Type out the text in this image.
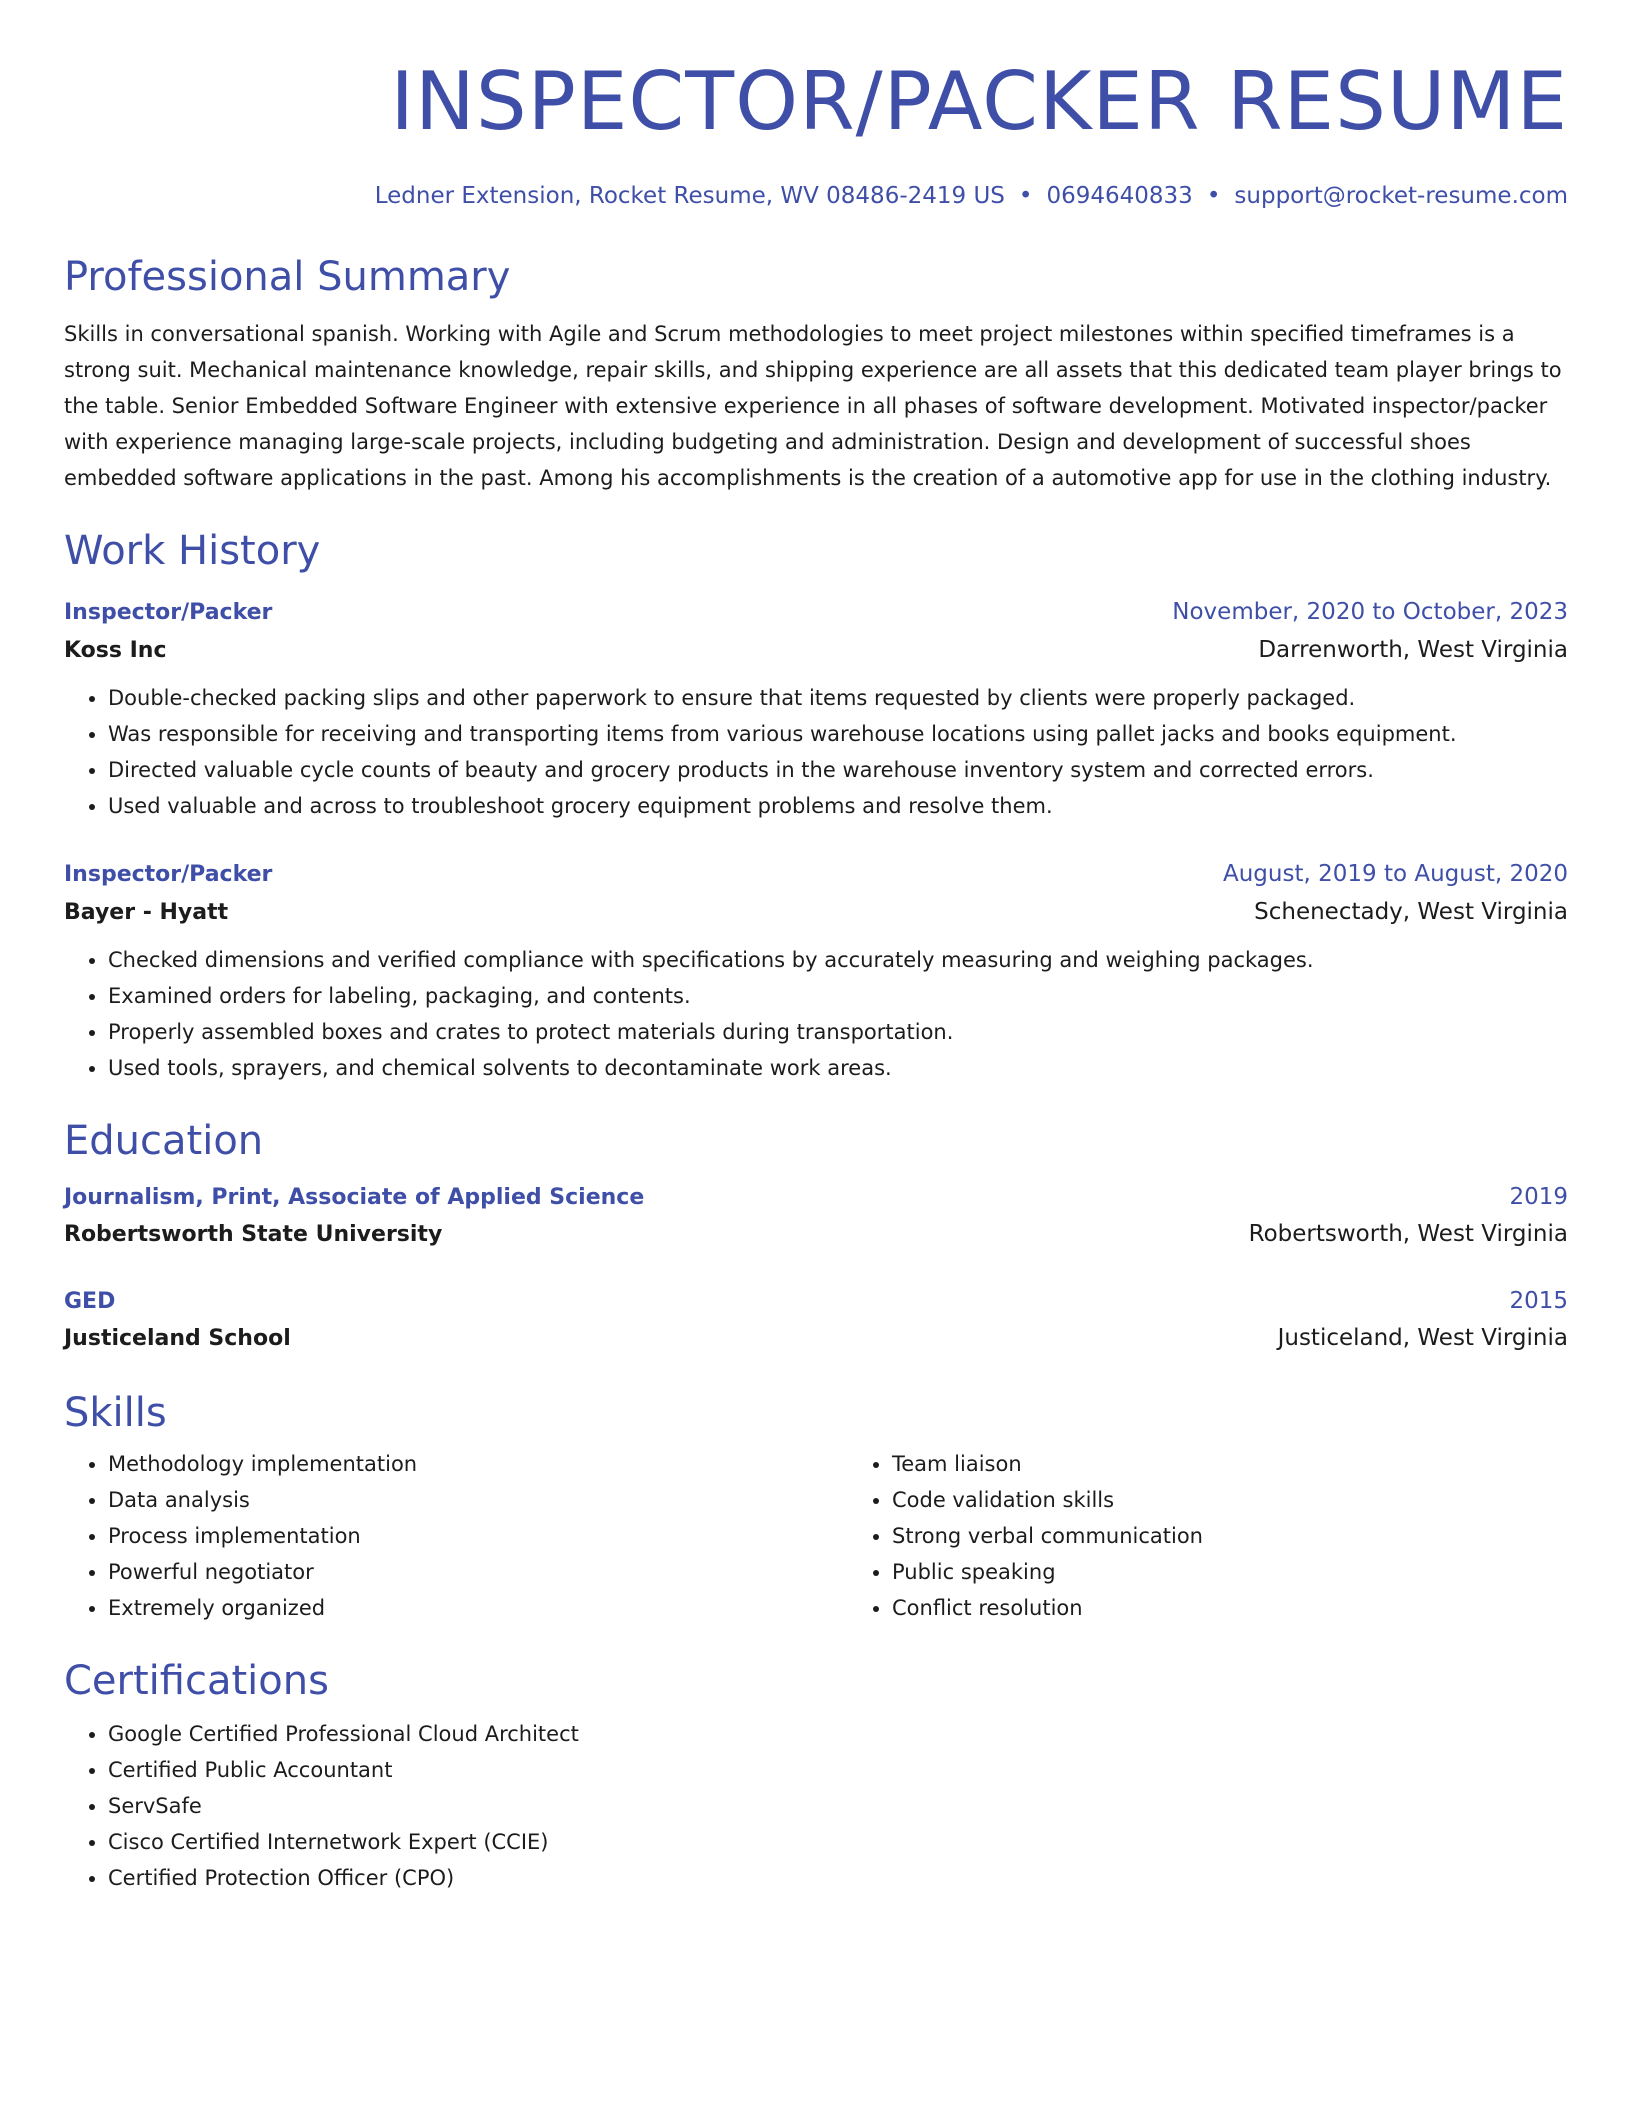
INSPECTOR/PACKER RESUME
Ledner Extension, Rocket Resume, WV 08486-2419 US • 0694640833 • support@rocket-resume.com
Professional Summary
Skills in conversational spanish. Working with Agile and Scrum methodologies to meet project milestones within specified timeframes is a strong suit. Mechanical maintenance knowledge, repair skills, and shipping experience are all assets that this dedicated team player brings to the table. Senior Embedded Software Engineer with extensive experience in all phases of software development. Motivated inspector/packer with experience managing large-scale projects, including budgeting and administration. Design and development of successful shoes embedded software applications in the past. Among his accomplishments is the creation of a automotive app for use in the clothing industry.
Work History
Inspector/Packer	November, 2020 to October, 2023
Koss Inc	Darrenworth, West Virginia
• Double-checked packing slips and other paperwork to ensure that items requested by clients were properly packaged.
• Was responsible for receiving and transporting items from various warehouse locations using pallet jacks and books equipment.
• Directed valuable cycle counts of beauty and grocery products in the warehouse inventory system and corrected errors.
• Used valuable and across to troubleshoot grocery equipment problems and resolve them.
Inspector/Packer	August, 2019 to August, 2020
Bayer - Hyatt	Schenectady, West Virginia
• Checked dimensions and verified compliance with specifications by accurately measuring and weighing packages.
• Examined orders for labeling, packaging, and contents.
• Properly assembled boxes and crates to protect materials during transportation.
• Used tools, sprayers, and chemical solvents to decontaminate work areas.
Education
Journalism, Print, Associate of Applied Science	2019
Robertsworth State University	Robertsworth, West Virginia
GED	2015
Justiceland School	Justiceland, West Virginia
Skills
• Methodology implementation
• Data analysis
• Process implementation
• Powerful negotiator
• Extremely organized
• Team liaison
• Code validation skills
• Strong verbal communication
• Public speaking
• Conflict resolution
Certifications
• Google Certified Professional Cloud Architect
• Certified Public Accountant
• ServSafe
• Cisco Certified Internetwork Expert (CCIE)
• Certified Protection Officer (CPO)
